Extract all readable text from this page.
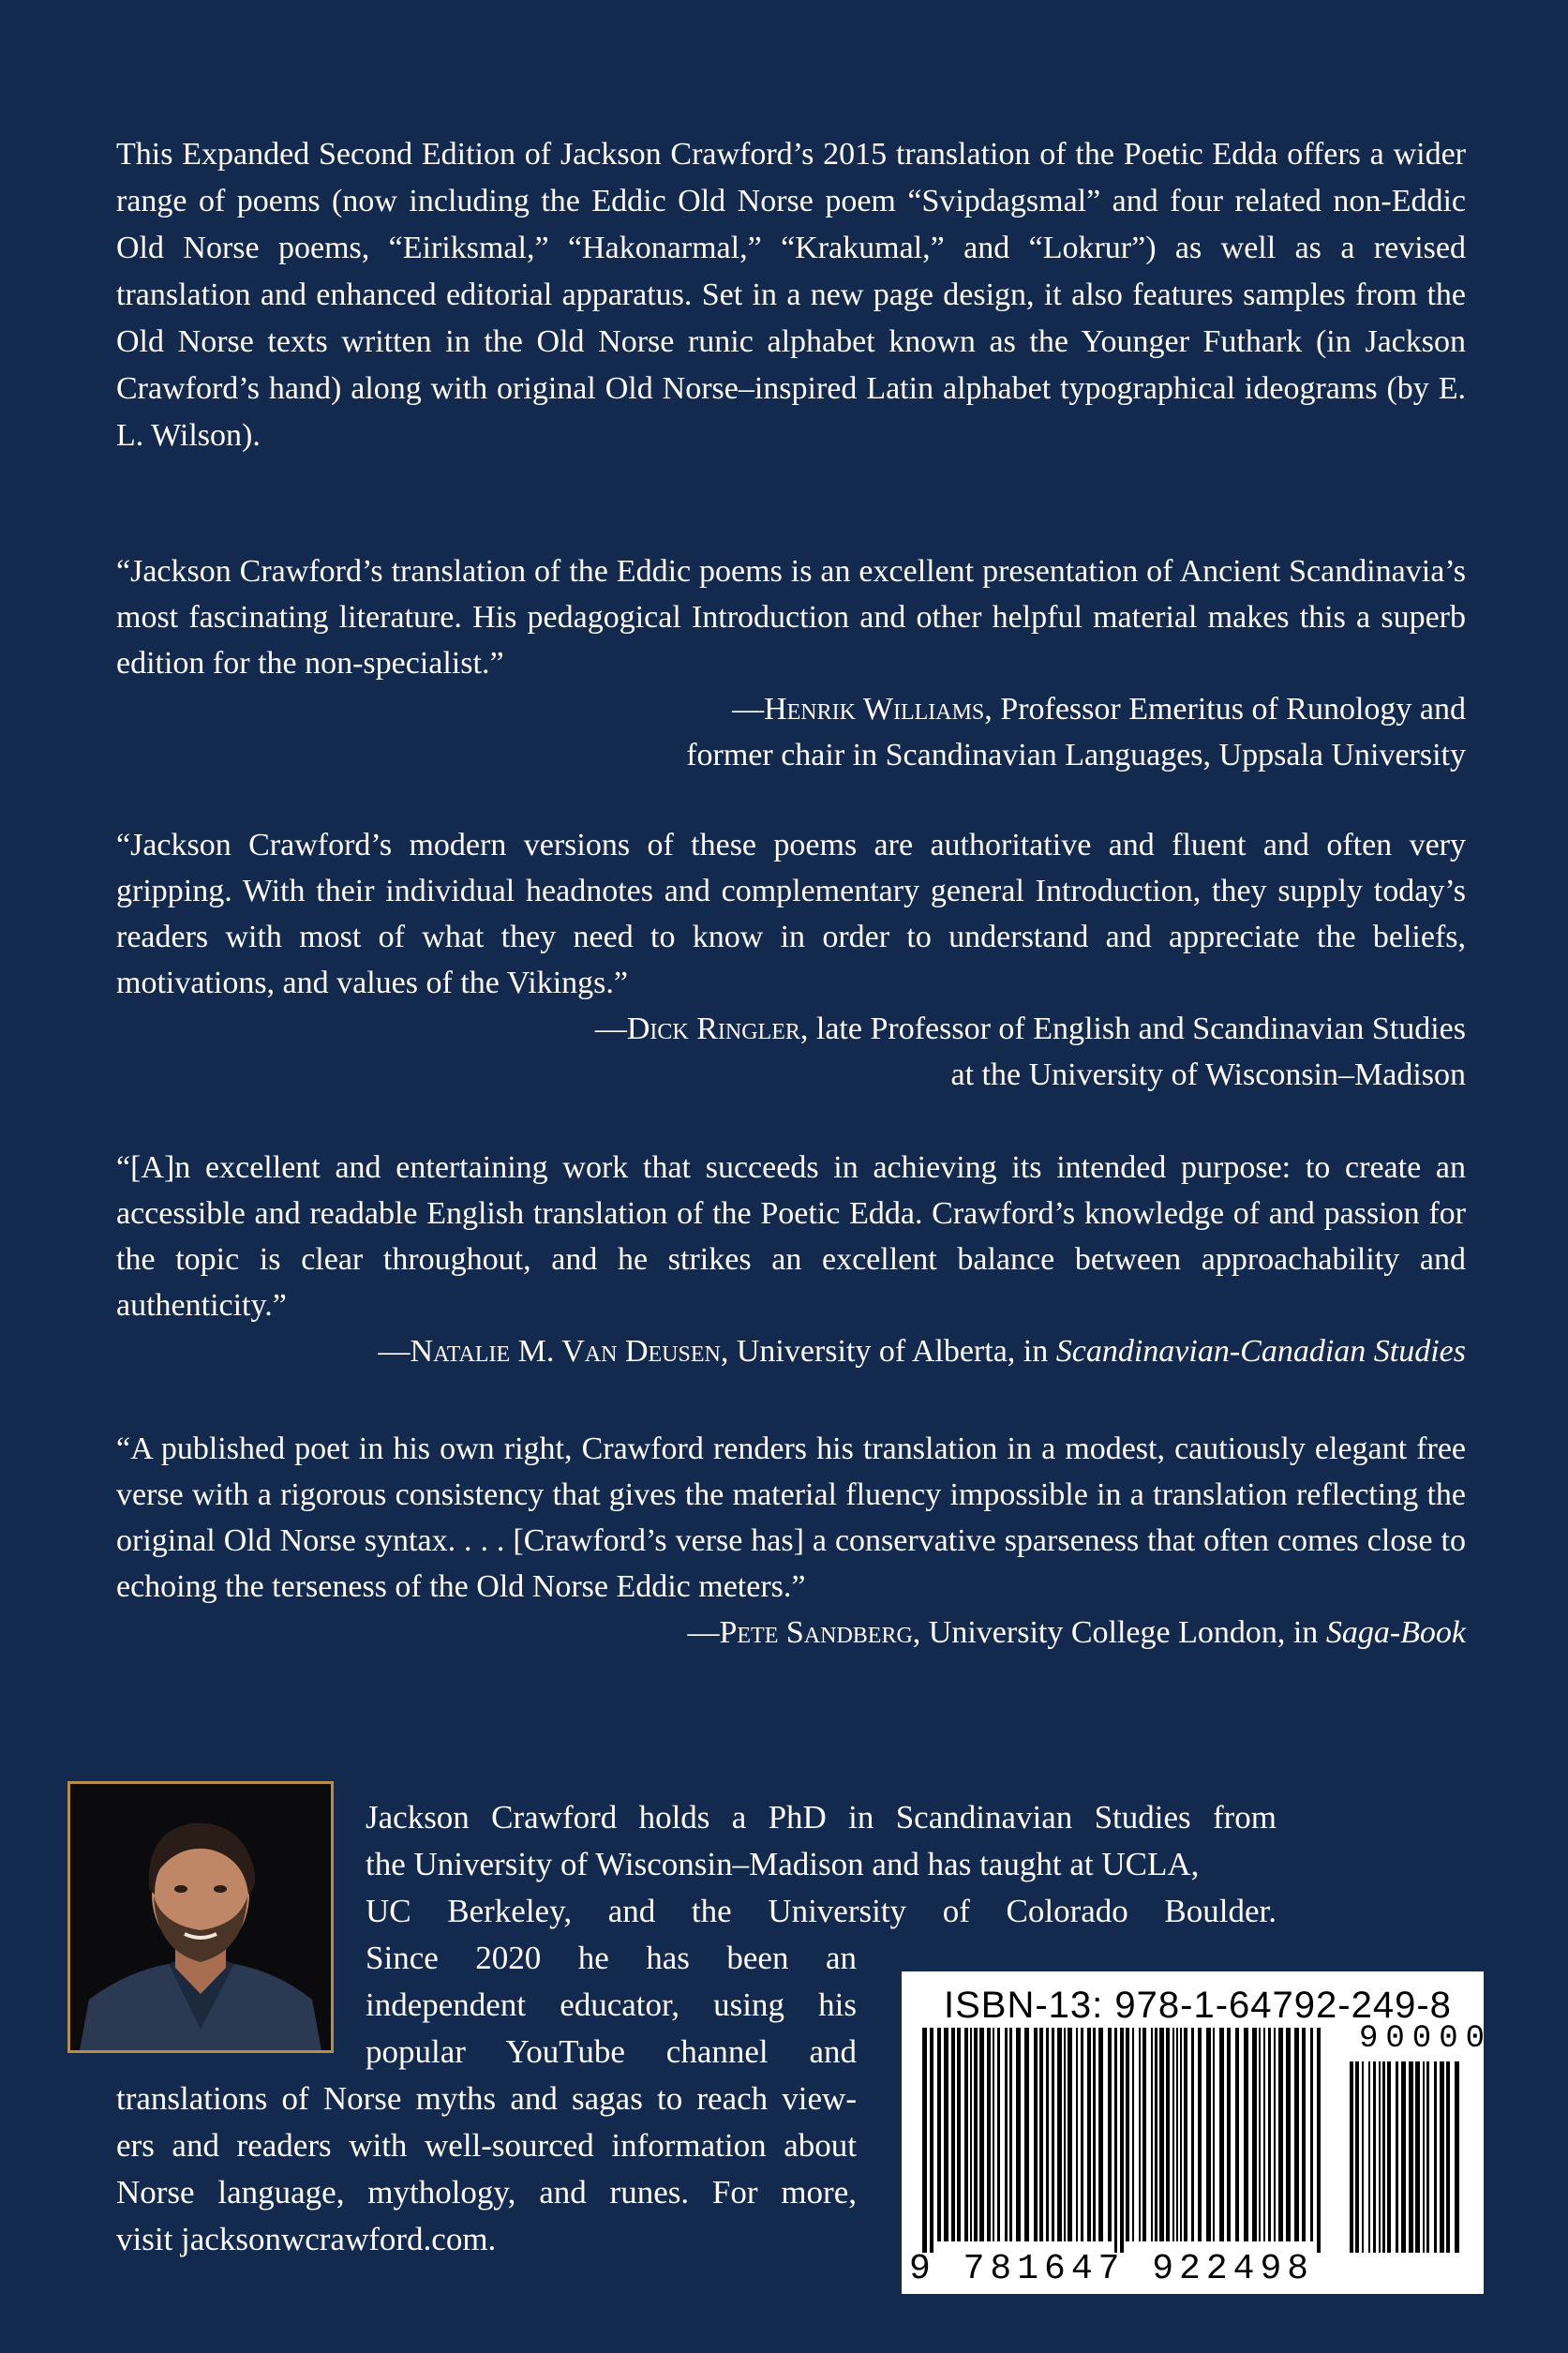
This Expanded Second Edition of Jackson Crawford’s 2015 translation of the Poetic Edda offers a wider range of poems (now including the Eddic Old Norse poem “Svipdagsmal” and four related non-Eddic Old Norse poems, “Eiriksmal,” “Hakonarmal,” “Krakumal,” and “Lokrur”) as well as a revised translation and enhanced editorial apparatus. Set in a new page design, it also features samples from the Old Norse texts written in the Old Norse runic alphabet known as the Younger Futhark (in Jackson Crawford’s hand) along with original Old Norse–inspired Latin alphabet typographical ideograms (by E. L. Wilson).

“Jackson Crawford’s translation of the Eddic poems is an excellent presentation of Ancient Scandinavia’s most fascinating literature. His pedagogical Introduction and other helpful material makes this a superb edition for the non-specialist.”

—Henrik Williams, Professor Emeritus of Runology and

former chair in Scandinavian Languages, Uppsala University

“Jackson Crawford’s modern versions of these poems are authoritative and fluent and often very gripping. With their individual headnotes and complementary general Introduction, they supply today’s readers with most of what they need to know in order to understand and appreciate the beliefs, motivations, and values of the Vikings.”

—Dick Ringler, late Professor of English and Scandinavian Studies

at the University of Wisconsin–Madison

“[A]n excellent and entertaining work that succeeds in achieving its intended purpose: to create an accessible and readable English translation of the Poetic Edda. Crawford’s knowledge of and passion for the topic is clear throughout, and he strikes an excellent balance between approachability and authenticity.”

—Natalie M. Van Deusen, University of Alberta, in Scandinavian-Canadian Studies

“A published poet in his own right, Crawford renders his translation in a modest, cautiously elegant free verse with a rigorous consistency that gives the material fluency impossible in a translation reflecting the original Old Norse syntax. . . . [Crawford’s verse has] a conservative sparseness that often comes close to echoing the terseness of the Old Norse Eddic meters.”

—Pete Sandberg, University College London, in Saga-Book

Jackson Crawford holds a PhD in Scandinavian Studies from
the University of Wisconsin–Madison and has taught at UCLA,
UC Berkeley, and the University of Colorado Boulder.
Since 2020 he has been an
independent educator, using his
popular YouTube channel and
translations of Norse myths and sagas to reach view-
ers and readers with well-sourced information about
Norse language, mythology, and runes. For more,
visit jacksonwcrawford.com.
ISBN-13: 978-1-64792-249-8
90000
9 781647 922498
